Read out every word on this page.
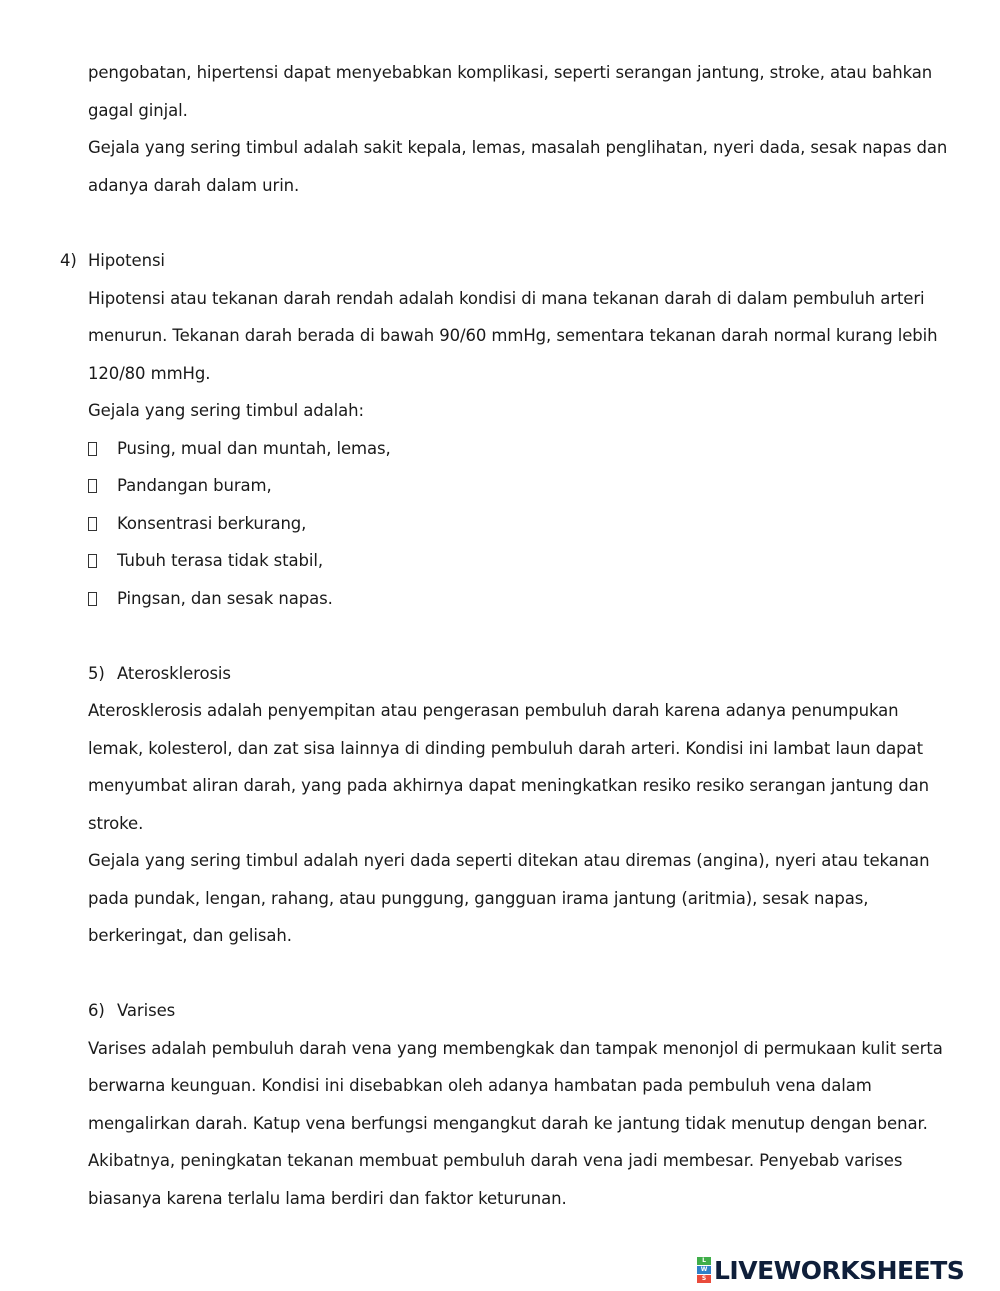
pengobatan, hipertensi dapat menyebabkan komplikasi, seperti serangan jantung, stroke, atau bahkan
gagal ginjal.
Gejala yang sering timbul adalah sakit kepala, lemas, masalah penglihatan, nyeri dada, sesak napas dan
adanya darah dalam urin.
4) Hipotensi
Hipotensi atau tekanan darah rendah adalah kondisi di mana tekanan darah di dalam pembuluh arteri
menurun. Tekanan darah berada di bawah 90/60 mmHg, sementara tekanan darah normal kurang lebih
120/80 mmHg.
Gejala yang sering timbul adalah:
Pusing, mual dan muntah, lemas,
Pandangan buram,
Konsentrasi berkurang,
Tubuh terasa tidak stabil,
Pingsan, dan sesak napas.
5) Aterosklerosis
Aterosklerosis adalah penyempitan atau pengerasan pembuluh darah karena adanya penumpukan
lemak, kolesterol, dan zat sisa lainnya di dinding pembuluh darah arteri. Kondisi ini lambat laun dapat
menyumbat aliran darah, yang pada akhirnya dapat meningkatkan resiko resiko serangan jantung dan
stroke.
Gejala yang sering timbul adalah nyeri dada seperti ditekan atau diremas (angina), nyeri atau tekanan
pada pundak, lengan, rahang, atau punggung, gangguan irama jantung (aritmia), sesak napas,
berkeringat, dan gelisah.
6) Varises
Varises adalah pembuluh darah vena yang membengkak dan tampak menonjol di permukaan kulit serta
berwarna keunguan. Kondisi ini disebabkan oleh adanya hambatan pada pembuluh vena dalam
mengalirkan darah. Katup vena berfungsi mengangkut darah ke jantung tidak menutup dengan benar.
Akibatnya, peningkatan tekanan membuat pembuluh darah vena jadi membesar. Penyebab varises
biasanya karena terlalu lama berdiri dan faktor keturunan.
L
W
S LIVEWORKSHEETS
